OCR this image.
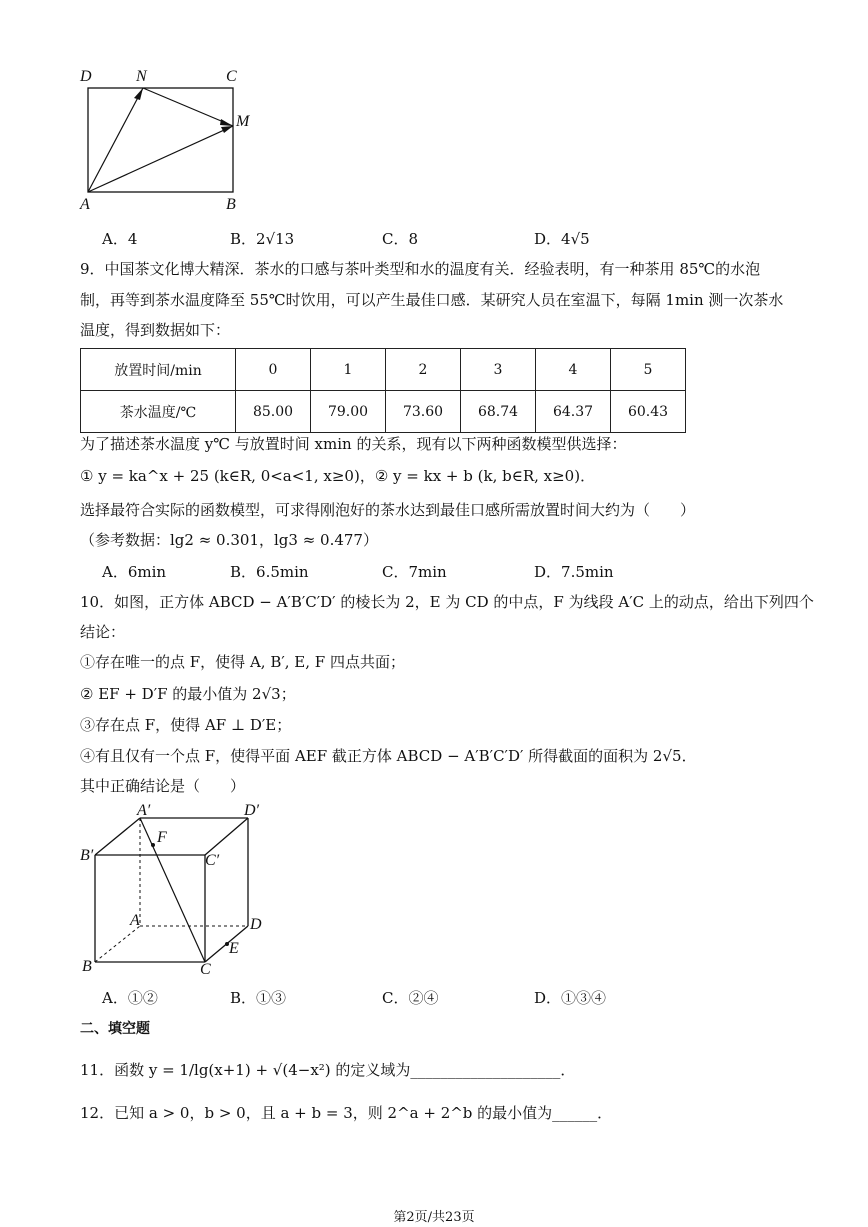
D	N	C
M
A	B
A．4	B．2√13	C．8	D．4√5
9．中国茶文化博大精深．茶水的口感与茶叶类型和水的温度有关．经验表明，有一种茶用 85℃的水泡
制，再等到茶水温度降至 55℃时饮用，可以产生最佳口感．某研究人员在室温下，每隔 1min 测一次茶水
温度，得到数据如下：
放置时间/min	0	1	2	3	4	5
茶水温度/℃	85.00	79.00	73.60	68.74	64.37	60.43
为了描述茶水温度 y℃ 与放置时间 xmin 的关系，现有以下两种函数模型供选择：
① y = ka^x + 25 (k∈R, 0<a<1, x≥0)，② y = kx + b (k, b∈R, x≥0)．
选择最符合实际的函数模型，可求得刚泡好的茶水达到最佳口感所需放置时间大约为（　　）
（参考数据：lg2 ≈ 0.301，lg3 ≈ 0.477）
A．6min	B．6.5min	C．7min	D．7.5min
10．如图，正方体 ABCD − A′B′C′D′ 的棱长为 2，E 为 CD 的中点，F 为线段 A′C 上的动点，给出下列四个
结论：
①存在唯一的点 F，使得 A, B′, E, F 四点共面；
② EF + D′F 的最小值为 2√3；
③存在点 F，使得 AF ⊥ D′E；
④有且仅有一个点 F，使得平面 AEF 截正方体 ABCD − A′B′C′D′ 所得截面的面积为 2√5．
其中正确结论是（　　）
A′	D′
F
B′	C′
A	D
E
B	C
A．①②	B．①③	C．②④	D．①③④
二、填空题
11．函数 y = 1/lg(x+1) + √(4−x²) 的定义域为____________________．
12．已知 a > 0，b > 0，且 a + b = 3，则 2^a + 2^b 的最小值为______．
第2页/共23页
